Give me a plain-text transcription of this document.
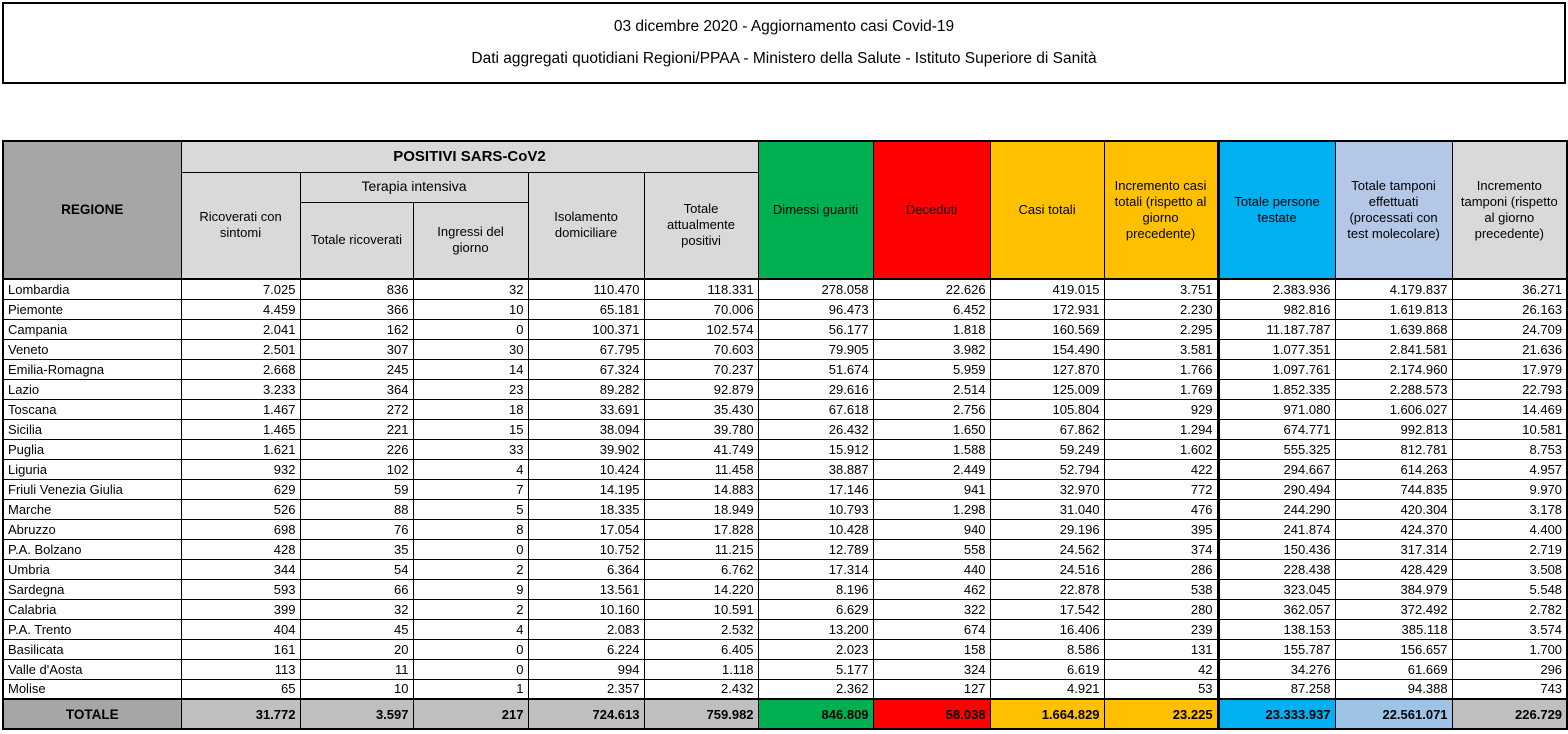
03 dicembre 2020 - Aggiornamento casi Covid-19
Dati aggregati quotidiani Regioni/PPAA - Ministero della Salute - Istituto Superiore di Sanità
REGIONE	POSITIVI SARS-CoV2					Dimessi guariti	Deceduti	Casi totali	Incremento casi totali (rispetto al giorno precedente)	Totale persone testate	Totale tamponi effettuati (processati con test molecolare)	Incremento tamponi (rispetto al giorno precedente)
	Ricoverati con sintomi	Terapia intensiva		Isolamento domiciliare	Totale attualmente positivi							
		Totale ricoverati	Ingressi del giorno									
Lombardia	7.025	836	32	110.470	118.331	278.058	22.626	419.015	3.751	2.383.936	4.179.837	36.271
Piemonte	4.459	366	10	65.181	70.006	96.473	6.452	172.931	2.230	982.816	1.619.813	26.163
Campania	2.041	162	0	100.371	102.574	56.177	1.818	160.569	2.295	11.187.787	1.639.868	24.709
Veneto	2.501	307	30	67.795	70.603	79.905	3.982	154.490	3.581	1.077.351	2.841.581	21.636
Emilia-Romagna	2.668	245	14	67.324	70.237	51.674	5.959	127.870	1.766	1.097.761	2.174.960	17.979
Lazio	3.233	364	23	89.282	92.879	29.616	2.514	125.009	1.769	1.852.335	2.288.573	22.793
Toscana	1.467	272	18	33.691	35.430	67.618	2.756	105.804	929	971.080	1.606.027	14.469
Sicilia	1.465	221	15	38.094	39.780	26.432	1.650	67.862	1.294	674.771	992.813	10.581
Puglia	1.621	226	33	39.902	41.749	15.912	1.588	59.249	1.602	555.325	812.781	8.753
Liguria	932	102	4	10.424	11.458	38.887	2.449	52.794	422	294.667	614.263	4.957
Friuli Venezia Giulia	629	59	7	14.195	14.883	17.146	941	32.970	772	290.494	744.835	9.970
Marche	526	88	5	18.335	18.949	10.793	1.298	31.040	476	244.290	420.304	3.178
Abruzzo	698	76	8	17.054	17.828	10.428	940	29.196	395	241.874	424.370	4.400
P.A. Bolzano	428	35	0	10.752	11.215	12.789	558	24.562	374	150.436	317.314	2.719
Umbria	344	54	2	6.364	6.762	17.314	440	24.516	286	228.438	428.429	3.508
Sardegna	593	66	9	13.561	14.220	8.196	462	22.878	538	323.045	384.979	5.548
Calabria	399	32	2	10.160	10.591	6.629	322	17.542	280	362.057	372.492	2.782
P.A. Trento	404	45	4	2.083	2.532	13.200	674	16.406	239	138.153	385.118	3.574
Basilicata	161	20	0	6.224	6.405	2.023	158	8.586	131	155.787	156.657	1.700
Valle d'Aosta	113	11	0	994	1.118	5.177	324	6.619	42	34.276	61.669	296
Molise	65	10	1	2.357	2.432	2.362	127	4.921	53	87.258	94.388	743
TOTALE	31.772	3.597	217	724.613	759.982	846.809	58.038	1.664.829	23.225	23.333.937	22.561.071	226.729
